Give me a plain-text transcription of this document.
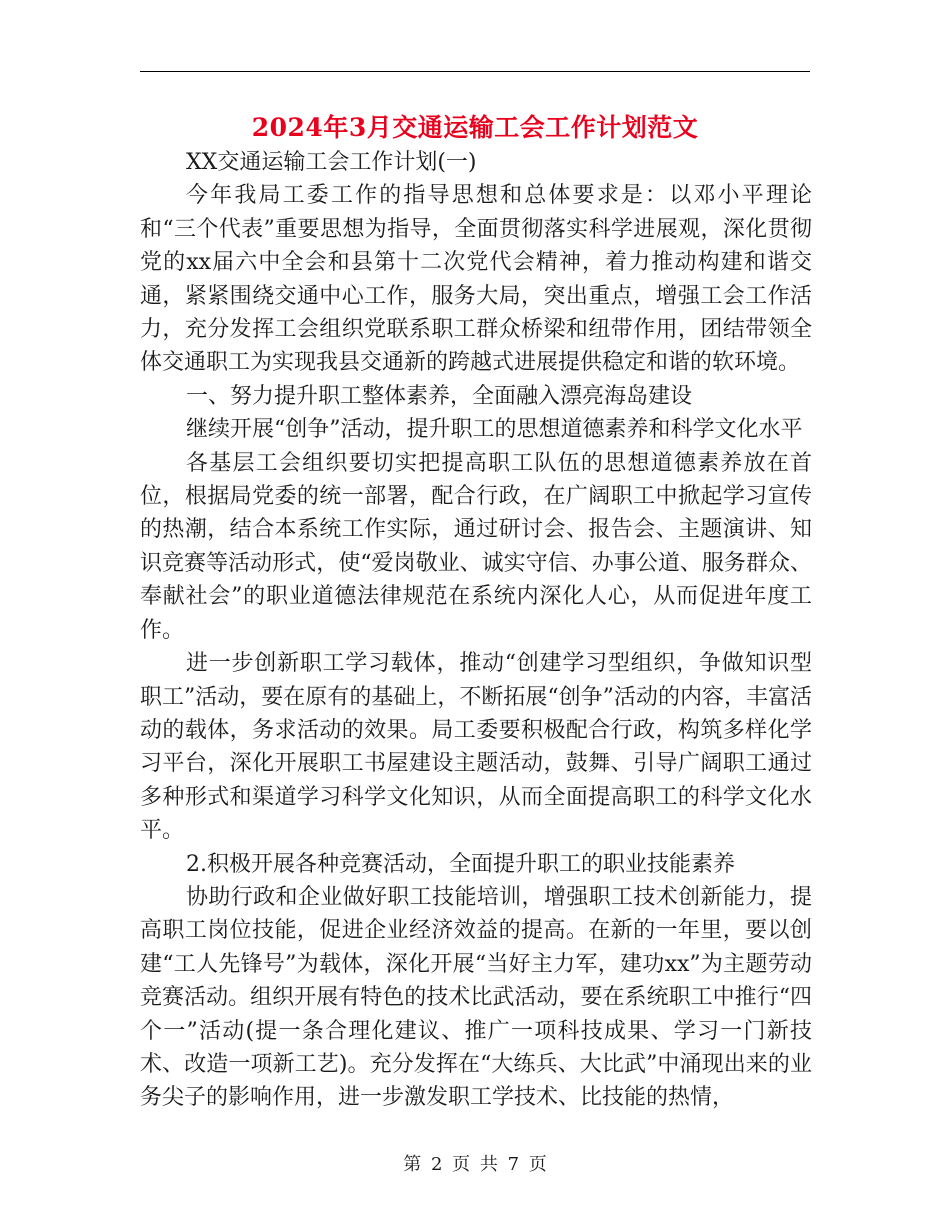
2024年3月交通运输工会工作计划范文

XX交通运输工会工作计划(一)

今年我局工委工作的指导思想和总体要求是：以邓小平理论和“三个代表”重要思想为指导，全面贯彻落实科学进展观，深化贯彻党的xx届六中全会和县第十二次党代会精神，着力推动构建和谐交通，紧紧围绕交通中心工作，服务大局，突出重点，增强工会工作活力，充分发挥工会组织党联系职工群众桥梁和纽带作用，团结带领全体交通职工为实现我县交通新的跨越式进展提供稳定和谐的软环境。

一、努力提升职工整体素养，全面融入漂亮海岛建设

继续开展“创争”活动，提升职工的思想道德素养和科学文化水平

各基层工会组织要切实把提高职工队伍的思想道德素养放在首位，根据局党委的统一部署，配合行政，在广阔职工中掀起学习宣传的热潮，结合本系统工作实际，通过研讨会、报告会、主题演讲、知识竞赛等活动形式，使“爱岗敬业、诚实守信、办事公道、服务群众、奉献社会”的职业道德法律规范在系统内深化人心，从而促进年度工作。

进一步创新职工学习载体，推动“创建学习型组织，争做知识型职工”活动，要在原有的基础上，不断拓展“创争”活动的内容，丰富活动的载体，务求活动的效果。局工委要积极配合行政，构筑多样化学习平台，深化开展职工书屋建设主题活动，鼓舞、引导广阔职工通过多种形式和渠道学习科学文化知识，从而全面提高职工的科学文化水平。

2.积极开展各种竞赛活动，全面提升职工的职业技能素养

协助行政和企业做好职工技能培训，增强职工技术创新能力，提高职工岗位技能，促进企业经济效益的提高。在新的一年里，要以创建“工人先锋号”为载体，深化开展“当好主力军，建功xx”为主题劳动竞赛活动。组织开展有特色的技术比武活动，要在系统职工中推行“四个一”活动(提一条合理化建议、推广一项科技成果、学习一门新技术、改造一项新工艺)。充分发挥在“大练兵、大比武”中涌现出来的业务尖子的影响作用，进一步激发职工学技术、比技能的热情，

第 2 页 共 7 页
